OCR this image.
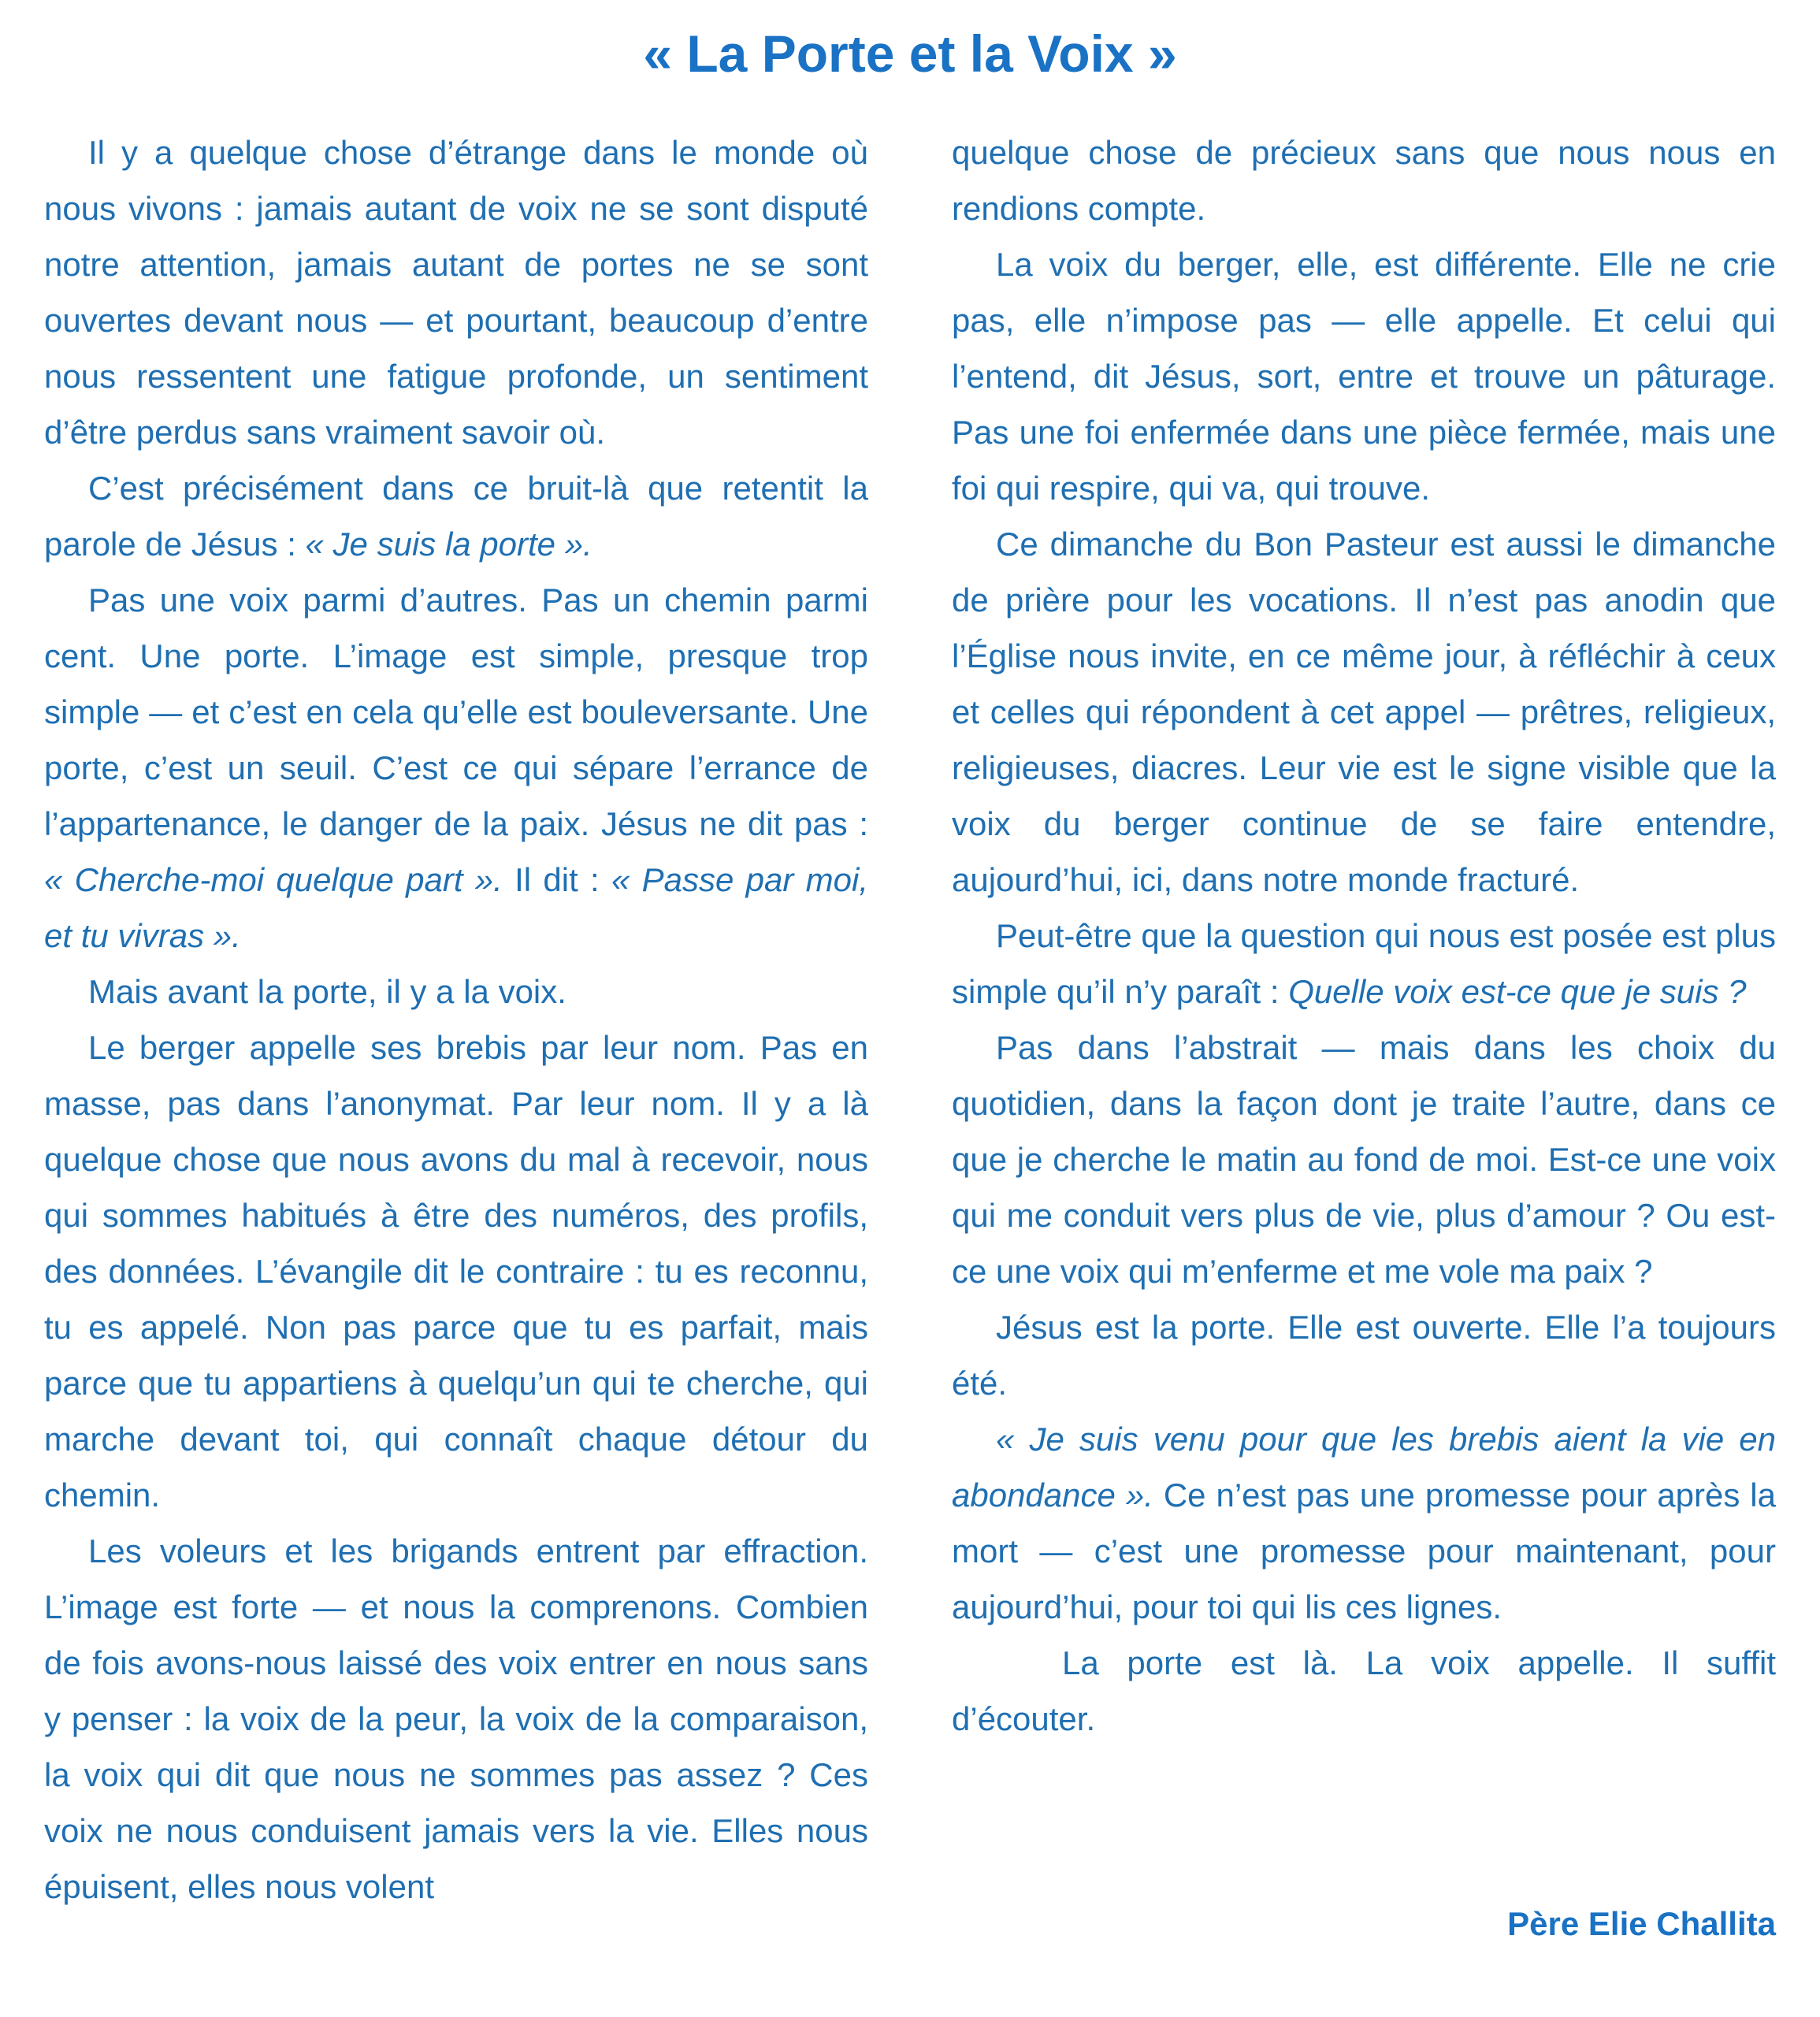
« La Porte et la Voix »

Il y a quelque chose d’étrange dans le monde où nous vivons : jamais autant de voix ne se sont disputé notre attention, jamais autant de portes ne se sont ouvertes devant nous — et pourtant, beaucoup d’entre nous ressentent une fatigue profonde, un sentiment d’être perdus sans vraiment savoir où.

C’est précisément dans ce bruit-là que retentit la parole de Jésus : « Je suis la porte ».

Pas une voix parmi d’autres. Pas un chemin parmi cent. Une porte. L’image est simple, presque trop simple — et c’est en cela qu’elle est bouleversante. Une porte, c’est un seuil. C’est ce qui sépare l’errance de l’appartenance, le danger de la paix. Jésus ne dit pas : « Cherche-moi quelque part ». Il dit : « Passe par moi, et tu vivras ».

Mais avant la porte, il y a la voix.

Le berger appelle ses brebis par leur nom. Pas en masse, pas dans l’anonymat. Par leur nom. Il y a là quelque chose que nous avons du mal à recevoir, nous qui sommes habitués à être des numéros, des profils, des données. L’évangile dit le contraire : tu es reconnu, tu es appelé. Non pas parce que tu es parfait, mais parce que tu appartiens à quelqu’un qui te cherche, qui marche devant toi, qui connaît chaque détour du chemin.

Les voleurs et les brigands entrent par effraction. L’image est forte — et nous la comprenons. Combien de fois avons-nous laissé des voix entrer en nous sans y penser : la voix de la peur, la voix de la comparaison, la voix qui dit que nous ne sommes pas assez ? Ces voix ne nous conduisent jamais vers la vie. Elles nous épuisent, elles nous volent

quelque chose de précieux sans que nous nous en rendions compte.

La voix du berger, elle, est différente. Elle ne crie pas, elle n’impose pas — elle appelle. Et celui qui l’entend, dit Jésus, sort, entre et trouve un pâturage. Pas une foi enfermée dans une pièce fermée, mais une foi qui respire, qui va, qui trouve.

Ce dimanche du Bon Pasteur est aussi le dimanche de prière pour les vocations. Il n’est pas anodin que l’Église nous invite, en ce même jour, à réfléchir à ceux et celles qui répondent à cet appel — prêtres, religieux, religieuses, diacres. Leur vie est le signe visible que la voix du berger continue de se faire entendre, aujourd’hui, ici, dans notre monde fracturé.

Peut-être que la question qui nous est posée est plus simple qu’il n’y paraît : Quelle voix est-ce que je suis ?

Pas dans l’abstrait — mais dans les choix du quotidien, dans la façon dont je traite l’autre, dans ce que je cherche le matin au fond de moi. Est-ce une voix qui me conduit vers plus de vie, plus d’amour ? Ou est-ce une voix qui m’enferme et me vole ma paix ?

Jésus est la porte. Elle est ouverte. Elle l’a toujours été.

« Je suis venu pour que les brebis aient la vie en abondance ». Ce n’est pas une promesse pour après la mort — c’est une promesse pour maintenant, pour aujourd’hui, pour toi qui lis ces lignes.

La porte est là. La voix appelle. Il suffit d’écouter.

Père Elie Challita
